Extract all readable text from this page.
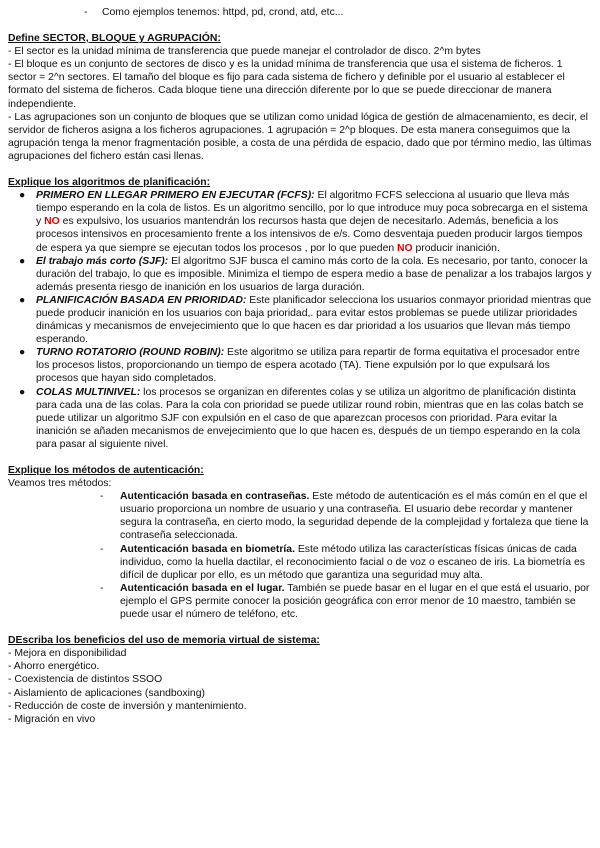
- Como ejemplos tenemos: httpd, pd, crond, atd, etc...

Define SECTOR, BLOQUE y AGRUPACIÓN:

- El sector es la unidad mínima de transferencia que puede manejar el controlador de disco. 2^m bytes

- El bloque es un conjunto de sectores de disco y es la unidad mínima de transferencia que usa el sistema de ficheros. 1 sector = 2^n sectores. El tamaño del bloque es fijo para cada sistema de fichero y definible por el usuario al establecer el formato del sistema de ficheros. Cada bloque tiene una dirección diferente por lo que se puede direccionar de manera independiente.

- Las agrupaciones son un conjunto de bloques que se utilizan como unidad lógica de gestión de almacenamiento, es decir, el servidor de ficheros asigna a los ficheros agrupaciones. 1 agrupación = 2^p bloques. De esta manera conseguimos que la agrupación tenga la menor fragmentación posible, a costa de una pérdida de espacio, dado que por término medio, las últimas agrupaciones del fichero están casi llenas.

Explique los algoritmos de planificación:

● PRIMERO EN LLEGAR PRIMERO EN EJECUTAR (FCFS): El algoritmo FCFS selecciona al usuario que lleva más tiempo esperando en la cola de listos. Es un algoritmo sencillo, por lo que introduce muy poca sobrecarga en el sistema y NO es expulsivo, los usuarios mantendrán los recursos hasta que dejen de necesitarlo. Además, beneficia a los procesos intensivos en procesamiento frente a los intensivos de e/s. Como desventaja pueden producir largos tiempos de espera ya que siempre se ejecutan todos los procesos , por lo que pueden NO producir inanición.
● El trabajo más corto (SJF): El algoritmo SJF busca el camino más corto de la cola. Es necesario, por tanto, conocer la duración del trabajo, lo que es imposible. Minimiza el tiempo de espera medio a base de penalizar a los trabajos largos y además presenta riesgo de inanición en los usuarios de larga duración.
● PLANIFICACIÓN BASADA EN PRIORIDAD: Este planificador selecciona los usuarios conmayor prioridad mientras que puede producir inanición en los usuarios con baja prioridad,. para evitar estos problemas se puede utilizar prioridades dinámicas y mecanismos de envejecimiento que lo que hacen es dar prioridad a los usuarios que llevan más tiempo esperando.
● TURNO ROTATORIO (ROUND ROBIN): Este algoritmo se utiliza para repartir de forma equitativa el procesador entre los procesos listos, proporcionando un tiempo de espera acotado (TA). Tiene expulsión por lo que expulsará los procesos que hayan sido completados.
● COLAS MULTINIVEL: los procesos se organizan en diferentes colas y se utiliza un algoritmo de planificación distinta para cada una de las colas. Para la cola con prioridad se puede utilizar round robin, mientras que en las colas batch se puede utilizar un algoritmo SJF con expulsión en el caso de que aparezcan procesos con prioridad. Para evitar la inanición se añaden mecanismos de envejecimiento que lo que hacen es, después de un tiempo esperando en la cola para pasar al siguiente nivel.

Explique los métodos de autenticación:

Veamos tres métodos:

- Autenticación basada en contraseñas. Este método de autenticación es el más común en el que el usuario proporciona un nombre de usuario y una contraseña. El usuario debe recordar y mantener segura la contraseña, en cierto modo, la seguridad depende de la complejidad y fortaleza que tiene la contraseña seleccionada.
- Autenticación basada en biometría. Este método utiliza las características físicas únicas de cada individuo, como la huella dactilar, el reconocimiento facial o de voz o escaneo de iris. La biometría es difícil de duplicar por ello, es un método que garantiza una seguridad muy alta.
- Autenticación basada en el lugar. También se puede basar en el lugar en el que está el usuario, por ejemplo el GPS permite conocer la posición geográfica con error menor de 10 maestro, también se puede usar el número de teléfono, etc.

DEscriba los beneficios del uso de memoria virtual de sistema:

- Mejora en disponibilidad

- Ahorro energético.

- Coexistencia de distintos SSOO

- Aislamiento de aplicaciones (sandboxing)

- Reducción de coste de inversión y mantenimiento.

- Migración en vivo
